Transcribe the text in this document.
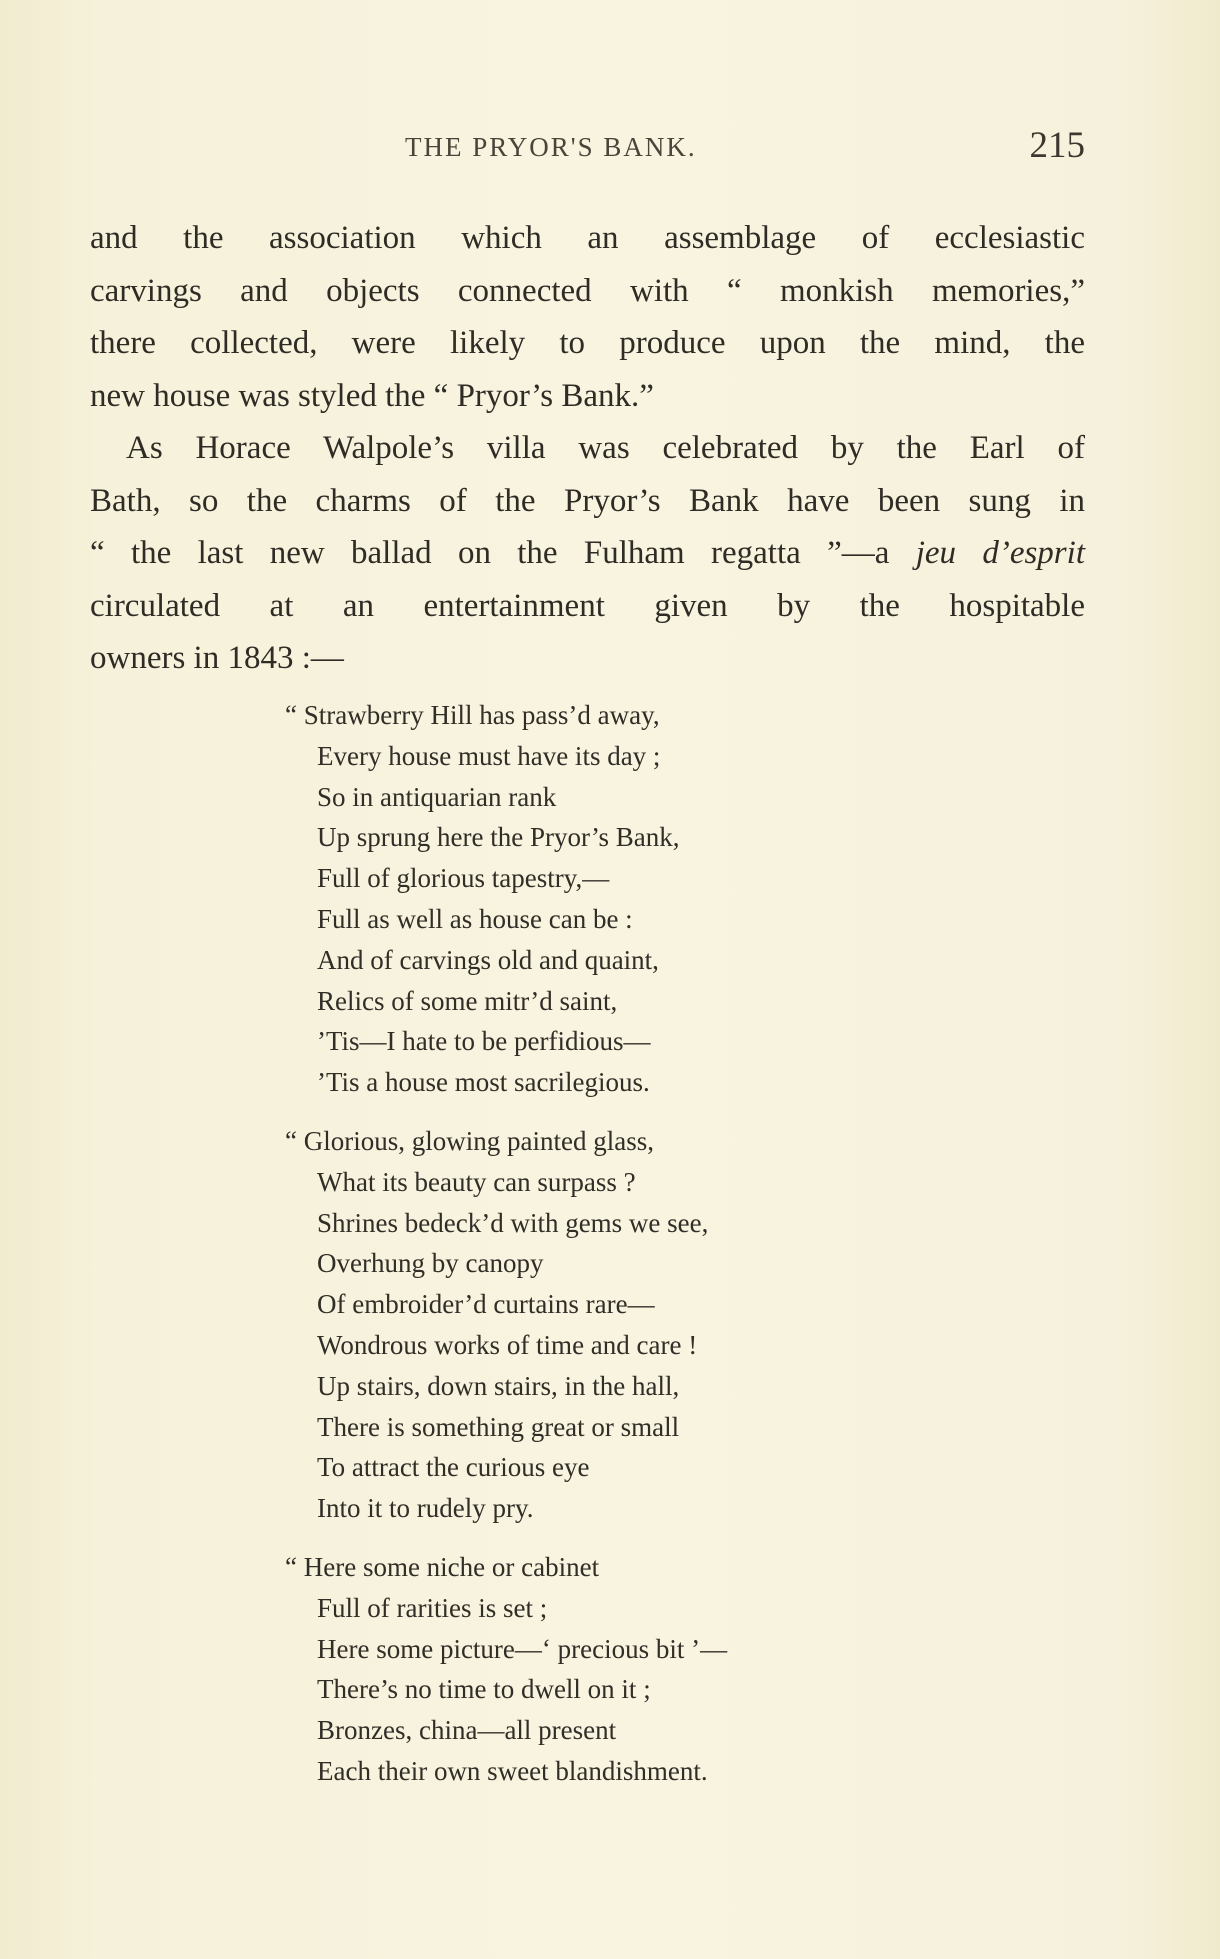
THE PRYOR'S BANK.	215
and the association which an assemblage of ecclesiastic
carvings and objects connected with “ monkish memories,”
there collected, were likely to produce upon the mind, the
new house was styled the “ Pryor’s Bank.”
As Horace Walpole’s villa was celebrated by the Earl of
Bath, so the charms of the Pryor’s Bank have been sung in
“ the last new ballad on the Fulham regatta ”—a jeu d’esprit
circulated at an entertainment given by the hospitable
owners in 1843 :—
“ Strawberry Hill has pass’d away,
Every house must have its day ;
So in antiquarian rank
Up sprung here the Pryor’s Bank,
Full of glorious tapestry,—
Full as well as house can be :
And of carvings old and quaint,
Relics of some mitr’d saint,
’Tis—I hate to be perfidious—
’Tis a house most sacrilegious.
“ Glorious, glowing painted glass,
What its beauty can surpass ?
Shrines bedeck’d with gems we see,
Overhung by canopy
Of embroider’d curtains rare—
Wondrous works of time and care !
Up stairs, down stairs, in the hall,
There is something great or small
To attract the curious eye
Into it to rudely pry.
“ Here some niche or cabinet
Full of rarities is set ;
Here some picture—‘ precious bit ’—
There’s no time to dwell on it ;
Bronzes, china—all present
Each their own sweet blandishment.
